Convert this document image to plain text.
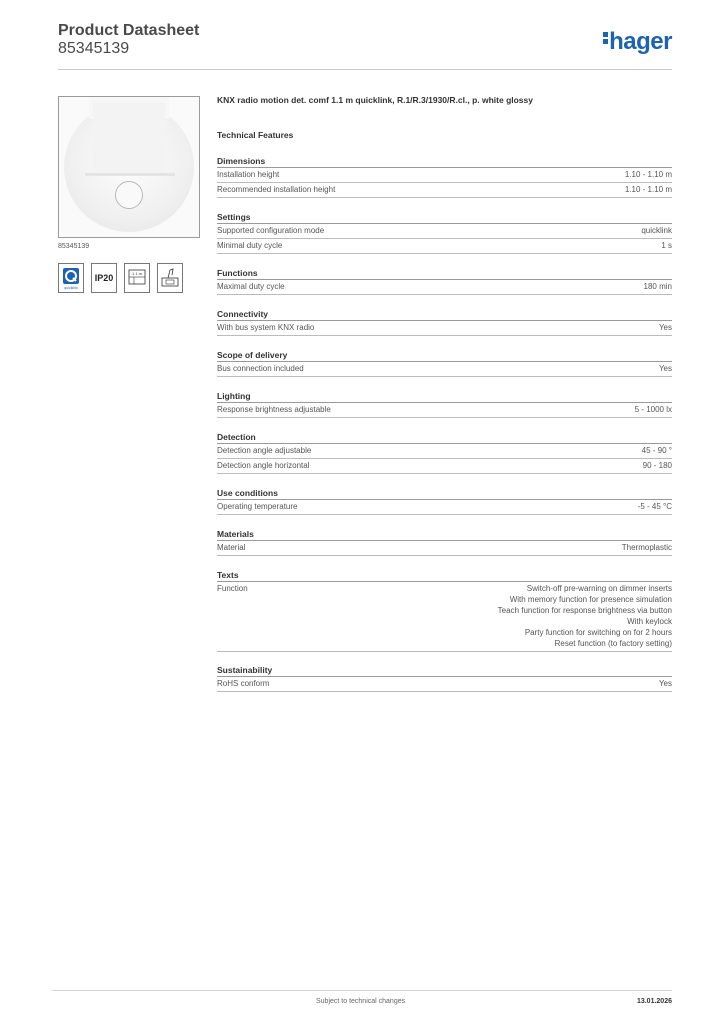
Product Datasheet
85345139	hager
85345139
quicklink
IP20	1.1 m
KNX radio motion det. comf 1.1 m quicklink, R.1/R.3/1930/R.cl., p. white glossy
Technical Features
Dimensions
Installation height	1.10 - 1.10 m
Recommended installation height	1.10 - 1.10 m
Settings
Supported configuration mode	quicklink
Minimal duty cycle	1 s
Functions
Maximal duty cycle	180 min
Connectivity
With bus system KNX radio	Yes
Scope of delivery
Bus connection included	Yes
Lighting
Response brightness adjustable	5 - 1000 lx
Detection
Detection angle adjustable	45 - 90 °
Detection angle horizontal	90 - 180
Use conditions
Operating temperature	-5 - 45 °C
Materials
Material	Thermoplastic
Texts
Function	Switch-off pre-warning on dimmer inserts
With memory function for presence simulation
Teach function for response brightness via button
With keylock
Party function for switching on for 2 hours
Reset function (to factory setting)
Sustainability
RoHS conform	Yes
Subject to technical changes	13.01.2026
